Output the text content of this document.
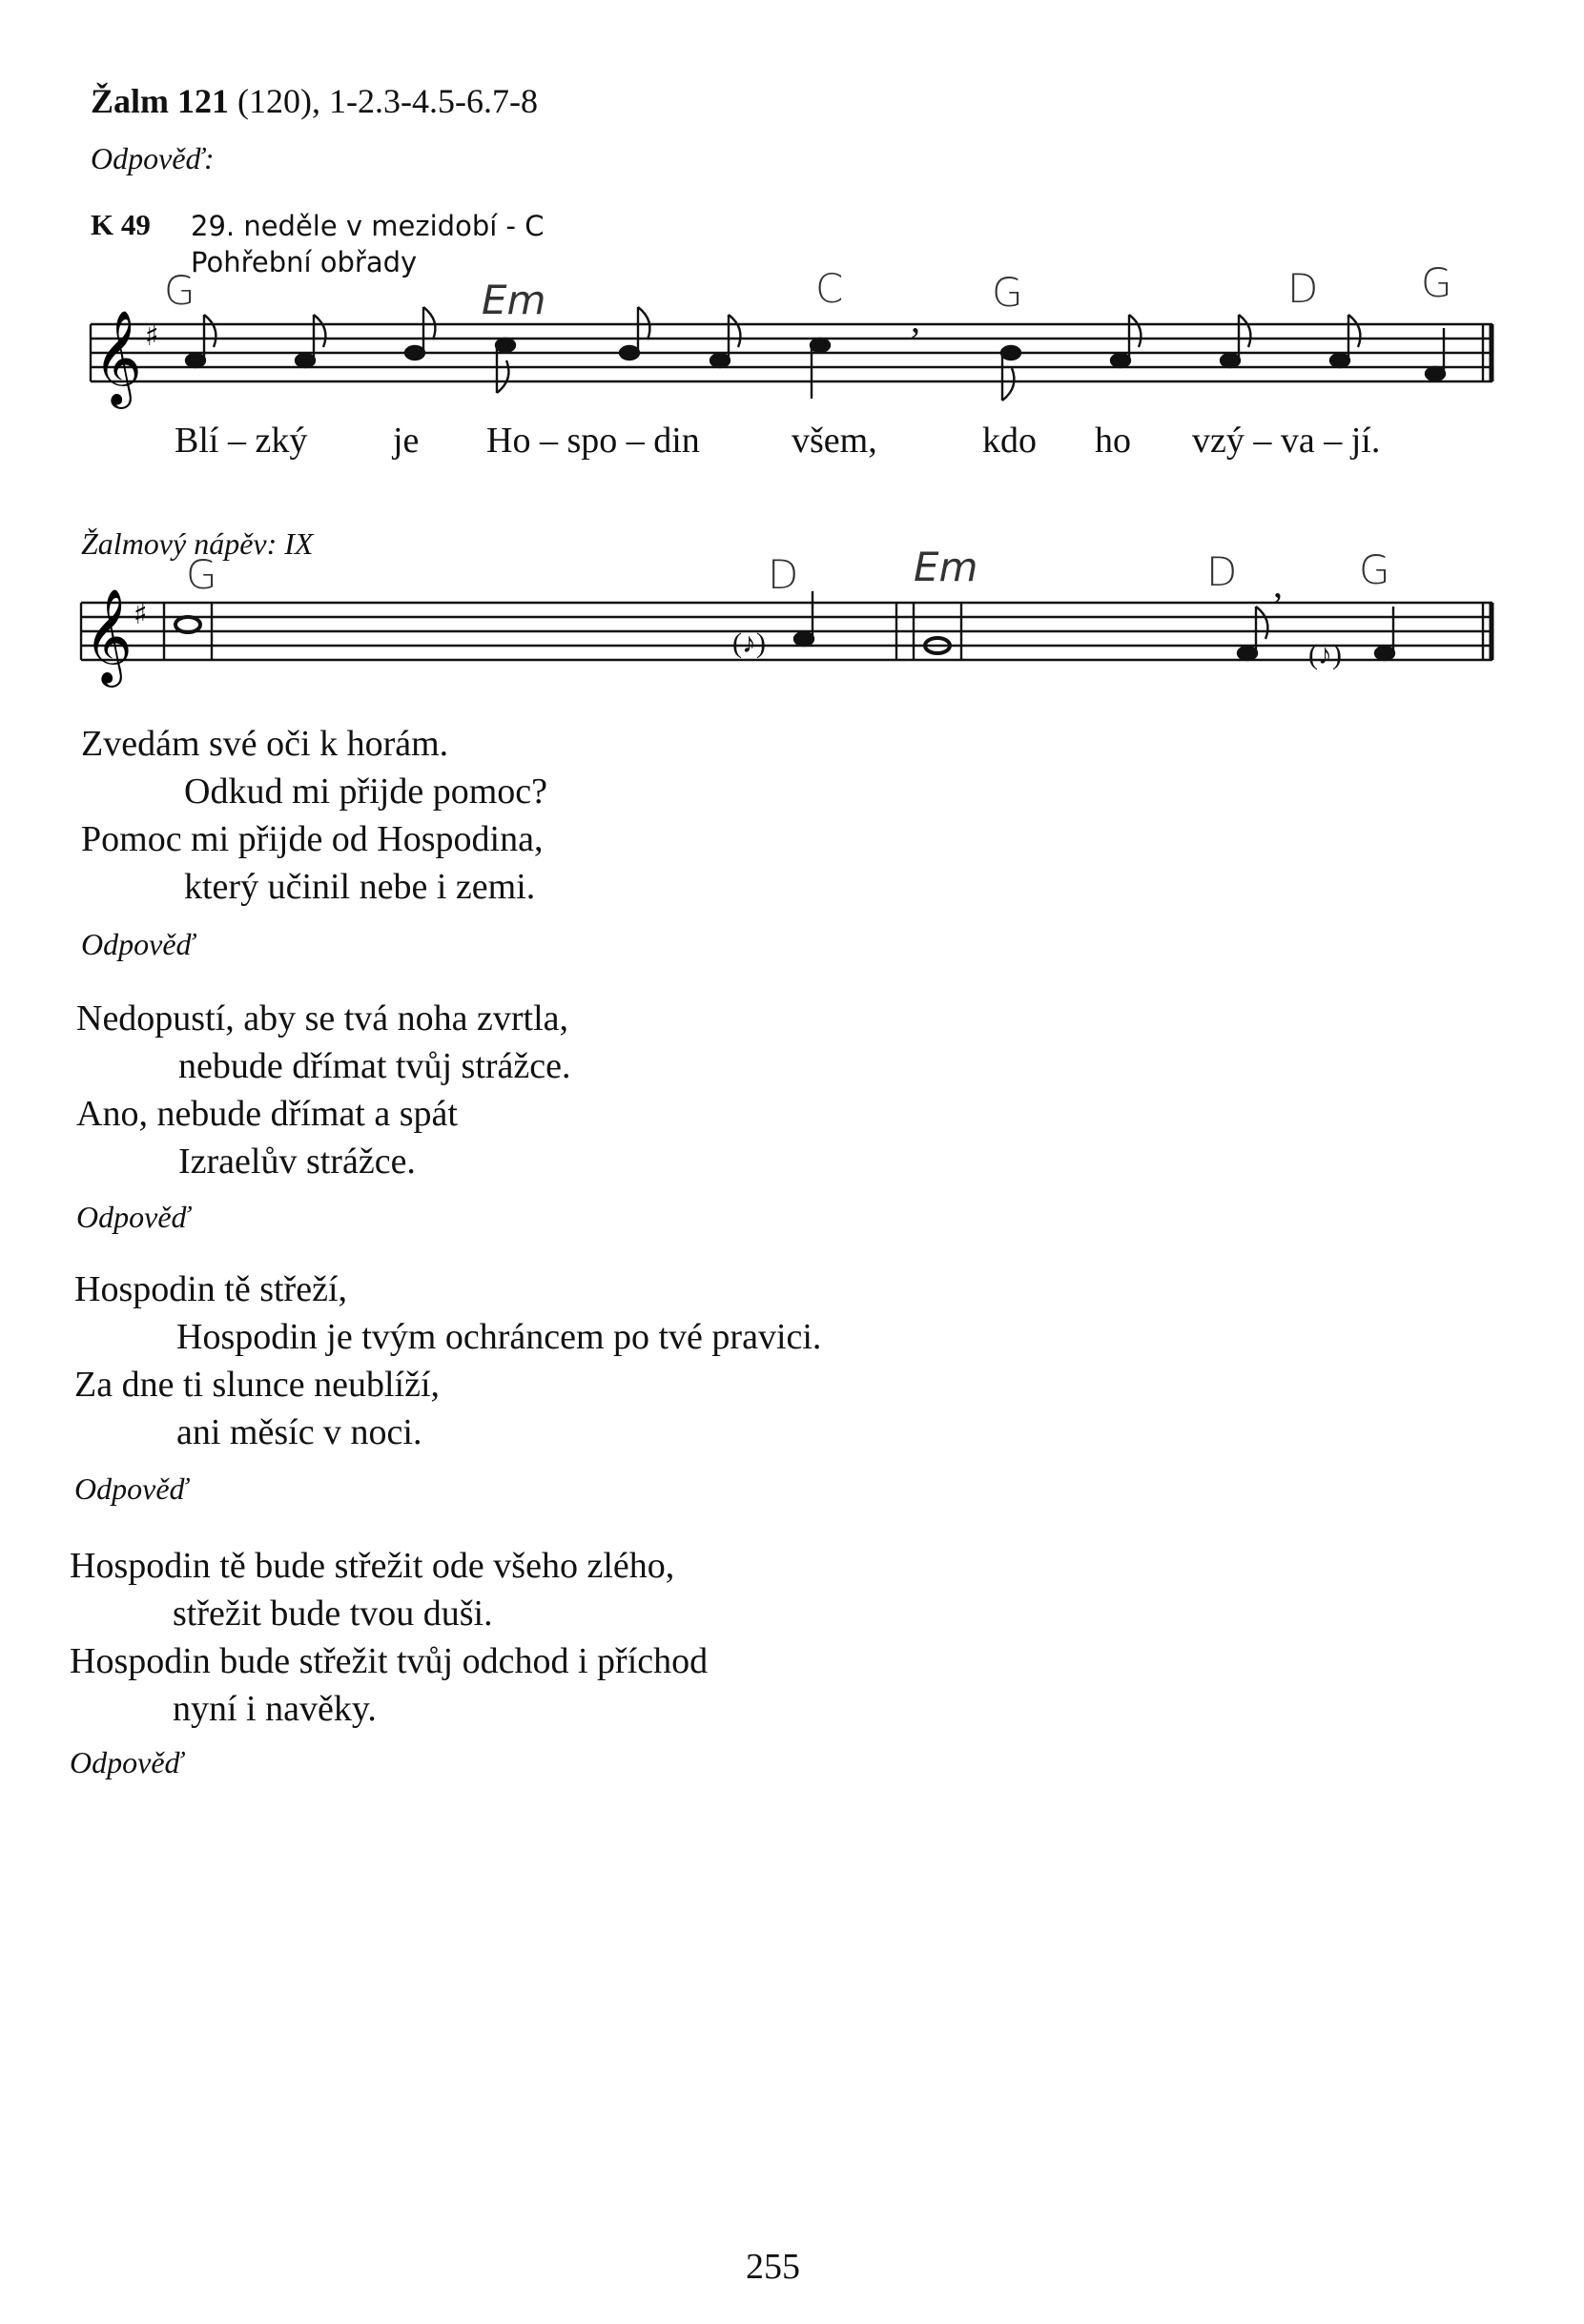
Žalm 121 (120), 1-2.3-4.5-6.7-8
Odpověď:
K 49 29. neděle v mezidobí - C
Pohřební obřady
G	Em	C	G	D	G
𝄞 ♯	,
Blí – zký je Ho – spo – din	všem,	kdo ho vzý – va – jí.
Žalmový nápěv: IX
G	D	Em	D	G
𝄞 ♯
(♪)
,
(♪)
Zvedám své oči k horám.
Odkud mi přijde pomoc?
Pomoc mi přijde od Hospodina,
který učinil nebe i zemi.
Odpověď
Nedopustí, aby se tvá noha zvrtla,
nebude dřímat tvůj strážce.
Ano, nebude dřímat a spát
Izraelův strážce.
Odpověď
Hospodin tě střeží,
Hospodin je tvým ochráncem po tvé pravici.
Za dne ti slunce neublíží,
ani měsíc v noci.
Odpověď
Hospodin tě bude střežit ode všeho zlého,
střežit bude tvou duši.
Hospodin bude střežit tvůj odchod i příchod
nyní i navěky.
Odpověď
255
